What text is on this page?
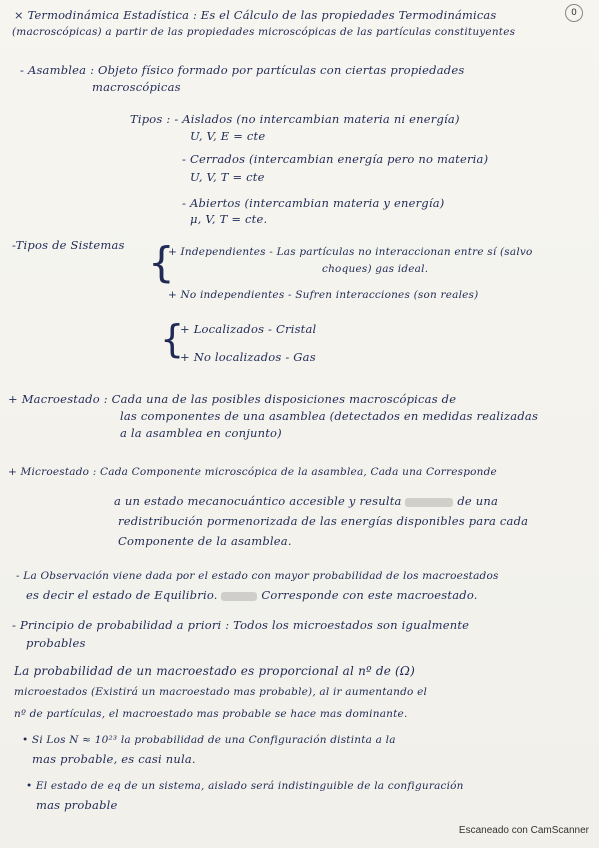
0
× Termodinámica Estadística : Es el Cálculo de las propiedades Termodinámicas
(macroscópicas) a partir de las propiedades microscópicas de las partículas constituyentes
- Asamblea : Objeto físico formado por partículas con ciertas propiedades
macroscópicas
Tipos : - Aislados (no intercambian materia ni energía)
U, V, E = cte
- Cerrados (intercambian energía pero no materia)
U, V, T = cte
- Abiertos (intercambian materia y energía)
μ, V, T = cte.
-Tipos de Sistemas {
+ Independientes - Las partículas no interaccionan entre sí (salvo
choques) gas ideal.
+ No independientes - Sufren interacciones (son reales)
{
+ Localizados - Cristal
+ No localizados - Gas
+ Macroestado : Cada una de las posibles disposiciones macroscópicas de
las componentes de una asamblea (detectados en medidas realizadas
a la asamblea en conjunto)
+ Microestado : Cada Componente microscópica de la asamblea, Cada una Corresponde
a un estado mecanocuántico accesible y resulta	de una
redistribución pormenorizada de las energías disponibles para cada
Componente de la asamblea.
- La Observación viene dada por el estado con mayor probabilidad de los macroestados
es decir el estado de Equilibrio.	Corresponde con este macroestado.
- Principio de probabilidad a priori : Todos los microestados son igualmente
probables
La probabilidad de un macroestado es proporcional al nº de (Ω)
microestados (Existirá un macroestado mas probable), al ir aumentando el
nº de partículas, el macroestado mas probable se hace mas dominante.
• Si Los N ≈ 10²³ la probabilidad de una Configuración distinta a la
mas probable, es casi nula.
• El estado de eq de un sistema, aislado será indistinguible de la configuración
mas probable
Escaneado con CamScanner
